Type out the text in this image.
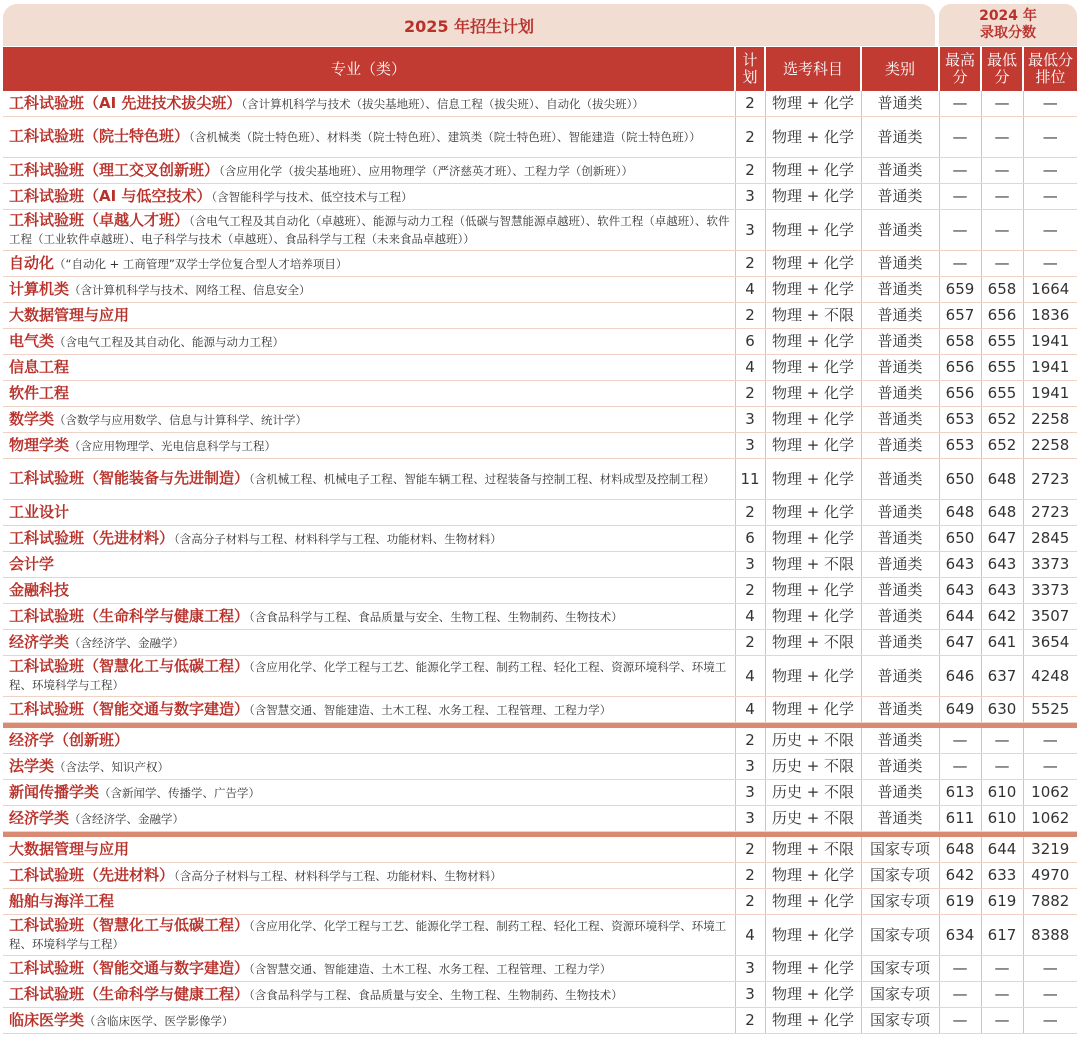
2025 年招生计划
2024 年
录取分数
专业（类）	计划	选考科目	类别	最高分	最低分	最低分排位
工科试验班（AI 先进技术拔尖班）（含计算机科学与技术（拔尖基地班）、信息工程（拔尖班）、自动化（拔尖班））	2	物理 + 化学	普通类	—	—	—
工科试验班（院士特色班）（含机械类（院士特色班）、材料类（院士特色班）、建筑类（院士特色班）、智能建造（院士特色班））	2	物理 + 化学	普通类	—	—	—
工科试验班（理工交叉创新班）（含应用化学（拔尖基地班）、应用物理学（严济慈英才班）、工程力学（创新班））	2	物理 + 化学	普通类	—	—	—
工科试验班（AI 与低空技术）（含智能科学与技术、低空技术与工程）	3	物理 + 化学	普通类	—	—	—
工科试验班（卓越人才班）（含电气工程及其自动化（卓越班）、能源与动力工程（低碳与智慧能源卓越班）、软件工程（卓越班）、软件工程（工业软件卓越班）、电子科学与技术（卓越班）、食品科学与工程（未来食品卓越班））	3	物理 + 化学	普通类	—	—	—
自动化（“自动化 + 工商管理”双学士学位复合型人才培养项目）	2	物理 + 化学	普通类	—	—	—
计算机类（含计算机科学与技术、网络工程、信息安全）	4	物理 + 化学	普通类	659	658	1664
大数据管理与应用	2	物理 + 不限	普通类	657	656	1836
电气类（含电气工程及其自动化、能源与动力工程）	6	物理 + 化学	普通类	658	655	1941
信息工程	4	物理 + 化学	普通类	656	655	1941
软件工程	2	物理 + 化学	普通类	656	655	1941
数学类（含数学与应用数学、信息与计算科学、统计学）	3	物理 + 化学	普通类	653	652	2258
物理学类（含应用物理学、光电信息科学与工程）	3	物理 + 化学	普通类	653	652	2258
工科试验班（智能装备与先进制造）（含机械工程、机械电子工程、智能车辆工程、过程装备与控制工程、材料成型及控制工程）	11	物理 + 化学	普通类	650	648	2723
工业设计	2	物理 + 化学	普通类	648	648	2723
工科试验班（先进材料）（含高分子材料与工程、材料科学与工程、功能材料、生物材料）	6	物理 + 化学	普通类	650	647	2845
会计学	3	物理 + 不限	普通类	643	643	3373
金融科技	2	物理 + 化学	普通类	643	643	3373
工科试验班（生命科学与健康工程）（含食品科学与工程、食品质量与安全、生物工程、生物制药、生物技术）	4	物理 + 化学	普通类	644	642	3507
经济学类（含经济学、金融学）	2	物理 + 不限	普通类	647	641	3654
工科试验班（智慧化工与低碳工程）（含应用化学、化学工程与工艺、能源化学工程、制药工程、轻化工程、资源环境科学、环境工程、环境科学与工程）	4	物理 + 化学	普通类	646	637	4248
工科试验班（智能交通与数字建造）（含智慧交通、智能建造、土木工程、水务工程、工程管理、工程力学）	4	物理 + 化学	普通类	649	630	5525

经济学（创新班）	2	历史 + 不限	普通类	—	—	—
法学类（含法学、知识产权）	3	历史 + 不限	普通类	—	—	—
新闻传播学类（含新闻学、传播学、广告学）	3	历史 + 不限	普通类	613	610	1062
经济学类（含经济学、金融学）	3	历史 + 不限	普通类	611	610	1062

大数据管理与应用	2	物理 + 不限	国家专项	648	644	3219
工科试验班（先进材料）（含高分子材料与工程、材料科学与工程、功能材料、生物材料）	2	物理 + 化学	国家专项	642	633	4970
船舶与海洋工程	2	物理 + 化学	国家专项	619	619	7882
工科试验班（智慧化工与低碳工程）（含应用化学、化学工程与工艺、能源化学工程、制药工程、轻化工程、资源环境科学、环境工程、环境科学与工程）	4	物理 + 化学	国家专项	634	617	8388
工科试验班（智能交通与数字建造）（含智慧交通、智能建造、土木工程、水务工程、工程管理、工程力学）	3	物理 + 化学	国家专项	—	—	—
工科试验班（生命科学与健康工程）（含食品科学与工程、食品质量与安全、生物工程、生物制药、生物技术）	3	物理 + 化学	国家专项	—	—	—
临床医学类（含临床医学、医学影像学）	2	物理 + 化学	国家专项	—	—	—
